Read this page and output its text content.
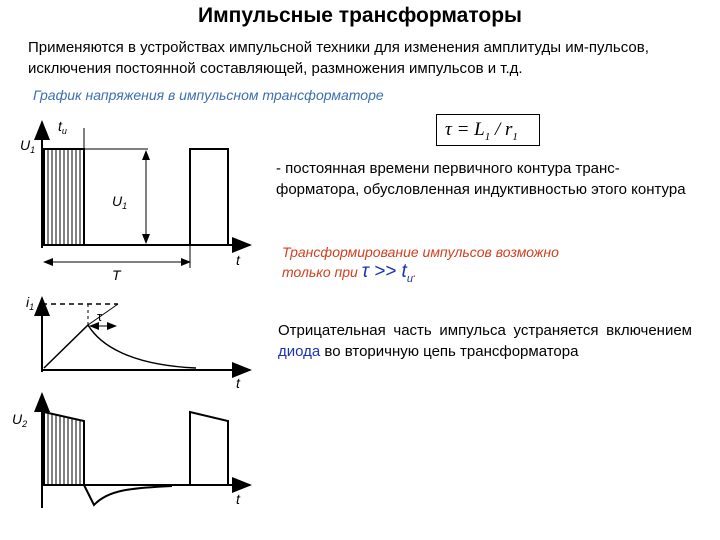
Импульсные трансформаторы
Применяются в устройствах импульсной техники для изменения амплитуды им-пульсов, исключения постоянной составляющей, размножения импульсов и т.д.
График напряжения в импульсном трансформаторе
$\tau = L_1 / r_1$
- постоянная времени первичного контура транс-форматора, обусловленная индуктивностью этого контура
Трансформирование импульсов возможно
только при $\tau >> t_и$.
Отрицательная часть импульса устраняется включением диода во вторичную цепь трансформатора
$U_1$
$t_и$
$U_1$
T
t
$i_1$
τ
t
$U_2$
t
